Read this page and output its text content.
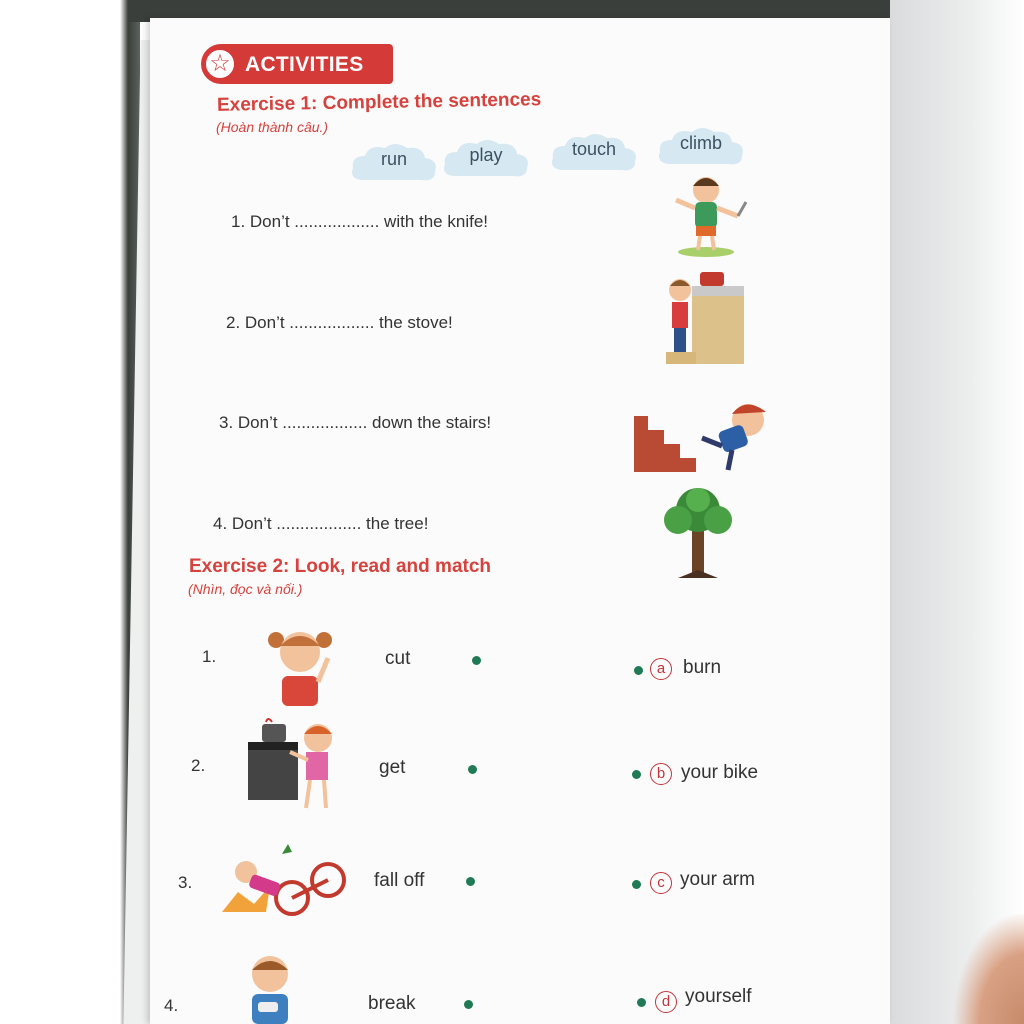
☆ ACTIVITIES
Exercise 1: Complete the sentences
(Hoàn thành câu.)
run	play	touch	climb
1. Don’t .................. with the knife!
2. Don’t .................. the stove!
3. Don’t .................. down the stairs!
4. Don’t .................. the tree!
Exercise 2: Look, read and match
(Nhìn, đọc và nối.)
1.	cut	a burn
2.	get	b your bike
3.	fall off	c your arm
4.	break	d yourself
